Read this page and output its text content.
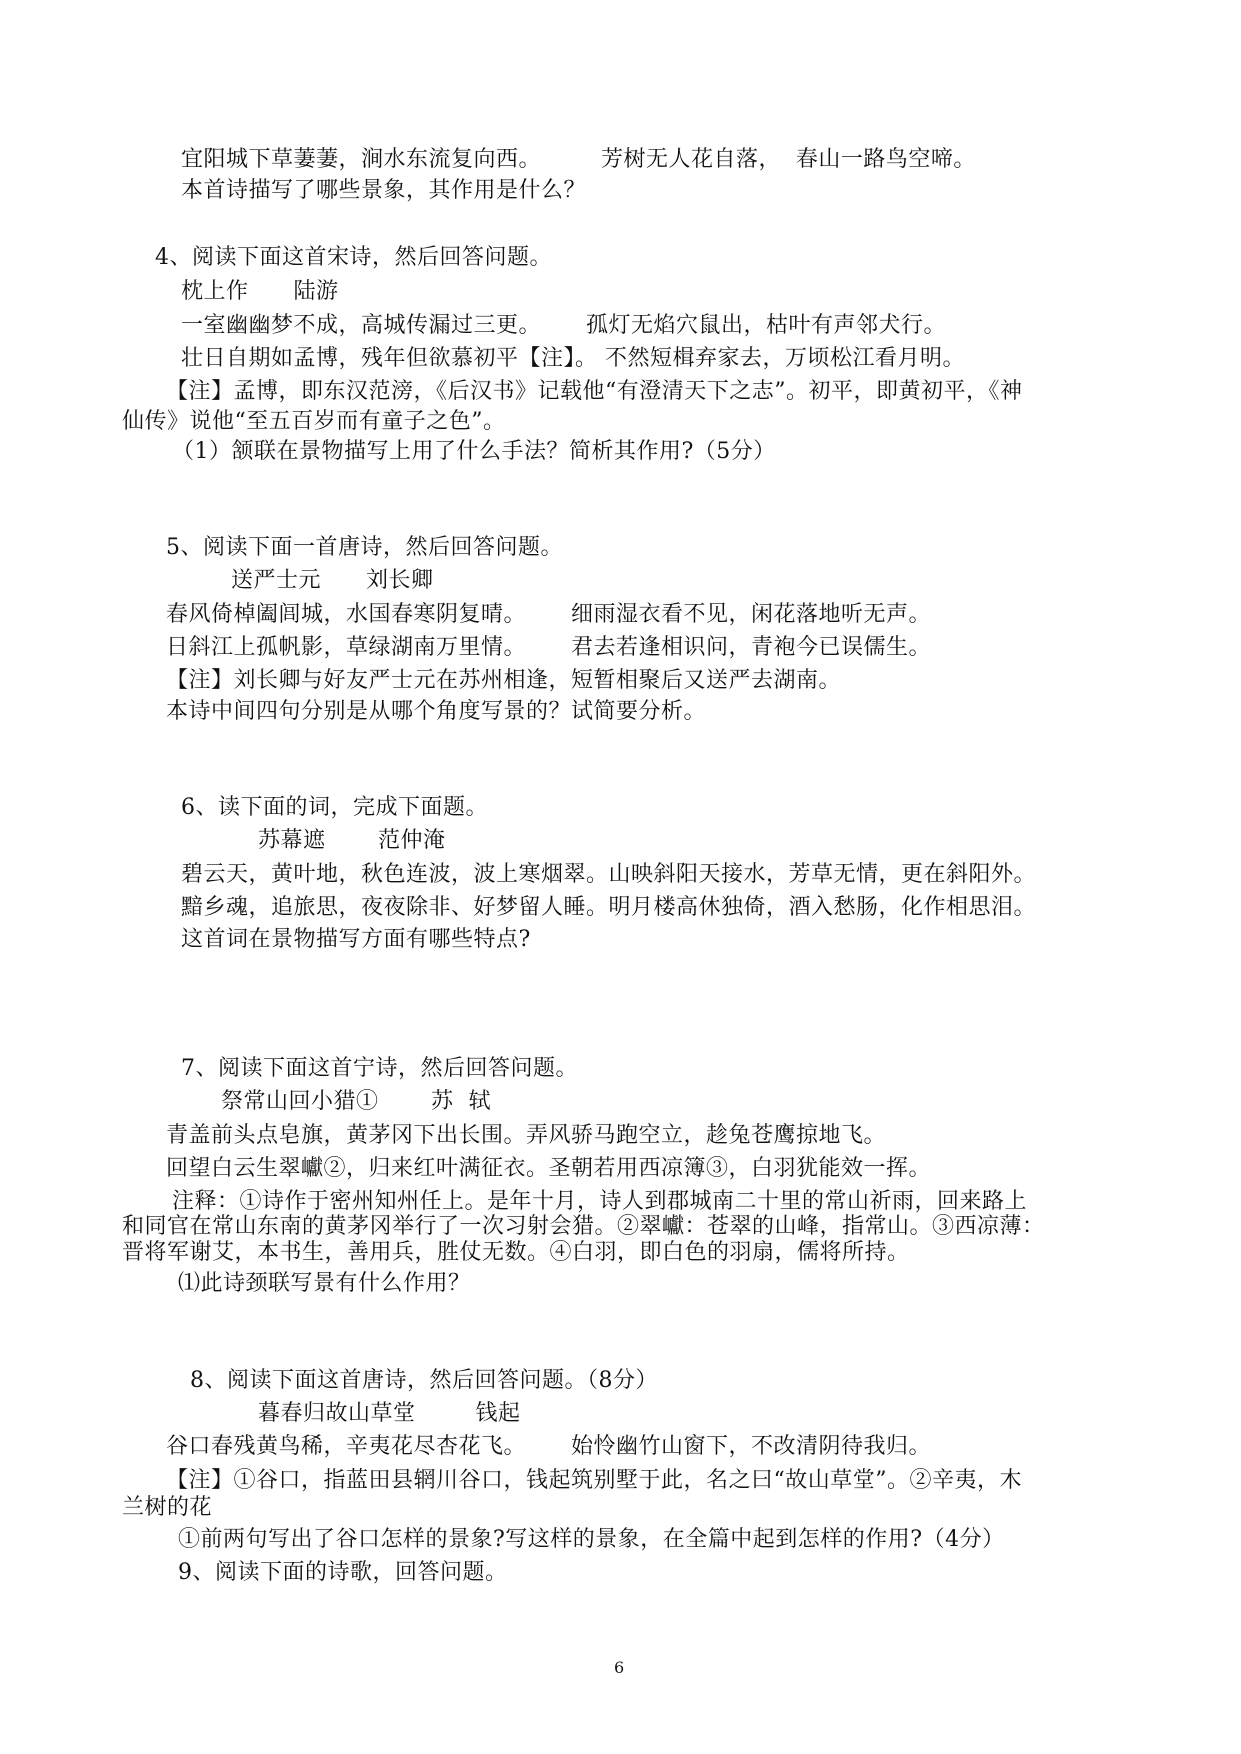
宜阳城下草萋萋，涧水东流复向西。        芳树无人花自落，  春山一路鸟空啼。
本首诗描写了哪些景象，其作用是什么？
4、阅读下面这首宋诗，然后回答问题。
枕上作      陆游
一室幽幽梦不成，高城传漏过三更。      孤灯无焰穴鼠出，枯叶有声邻犬行。
壮日自期如孟博，残年但欲慕初平【注】。 不然短楫弃家去，万顷松江看月明。
【注】孟博，即东汉范滂，《后汉书》记载他“有澄清天下之志”。初平，即黄初平，《神
仙传》说他“至五百岁而有童子之色”。
（1）颔联在景物描写上用了什么手法？简析其作用?（5分）
5、阅读下面一首唐诗，然后回答问题。
送严士元      刘长卿
春风倚棹阖闾城，水国春寒阴复晴。      细雨湿衣看不见，闲花落地听无声。
日斜江上孤帆影，草绿湖南万里情。      君去若逢相识问，青袍今已误儒生。
【注】刘长卿与好友严士元在苏州相逢，短暂相聚后又送严去湖南。
本诗中间四句分别是从哪个角度写景的？试简要分析。
6、读下面的词，完成下面题。
苏幕遮       范仲淹
碧云天，黄叶地，秋色连波，波上寒烟翠。山映斜阳天接水，芳草无情，更在斜阳外。
黯乡魂，追旅思，夜夜除非、好梦留人睡。明月楼高休独倚，酒入愁肠，化作相思泪。
这首词在景物描写方面有哪些特点?
7、阅读下面这首宁诗，然后回答问题。
祭常山回小猎①       苏  轼
青盖前头点皂旗，黄茅冈下出长围。弄风骄马跑空立，趁兔苍鹰掠地飞。
回望白云生翠巘②，归来红叶满征衣。圣朝若用西凉簿③，白羽犹能效一挥。
注释：①诗作于密州知州任上。是年十月，诗人到郡城南二十里的常山祈雨，回来路上
和同官在常山东南的黄茅冈举行了一次习射会猎。②翠巘：苍翠的山峰，指常山。③西凉薄：
晋将军谢艾，本书生，善用兵，胜仗无数。④白羽，即白色的羽扇，儒将所持。
⑴此诗颈联写景有什么作用？
8、阅读下面这首唐诗，然后回答问题。（8分）
暮春归故山草堂        钱起
谷口春残黄鸟稀，辛夷花尽杏花飞。      始怜幽竹山窗下，不改清阴待我归。
【注】①谷口，指蓝田县辋川谷口，钱起筑别墅于此，名之曰“故山草堂”。②辛夷，木
兰树的花
①前两句写出了谷口怎样的景象?写这样的景象，在全篇中起到怎样的作用?（4分）
9、阅读下面的诗歌，回答问题。
6
